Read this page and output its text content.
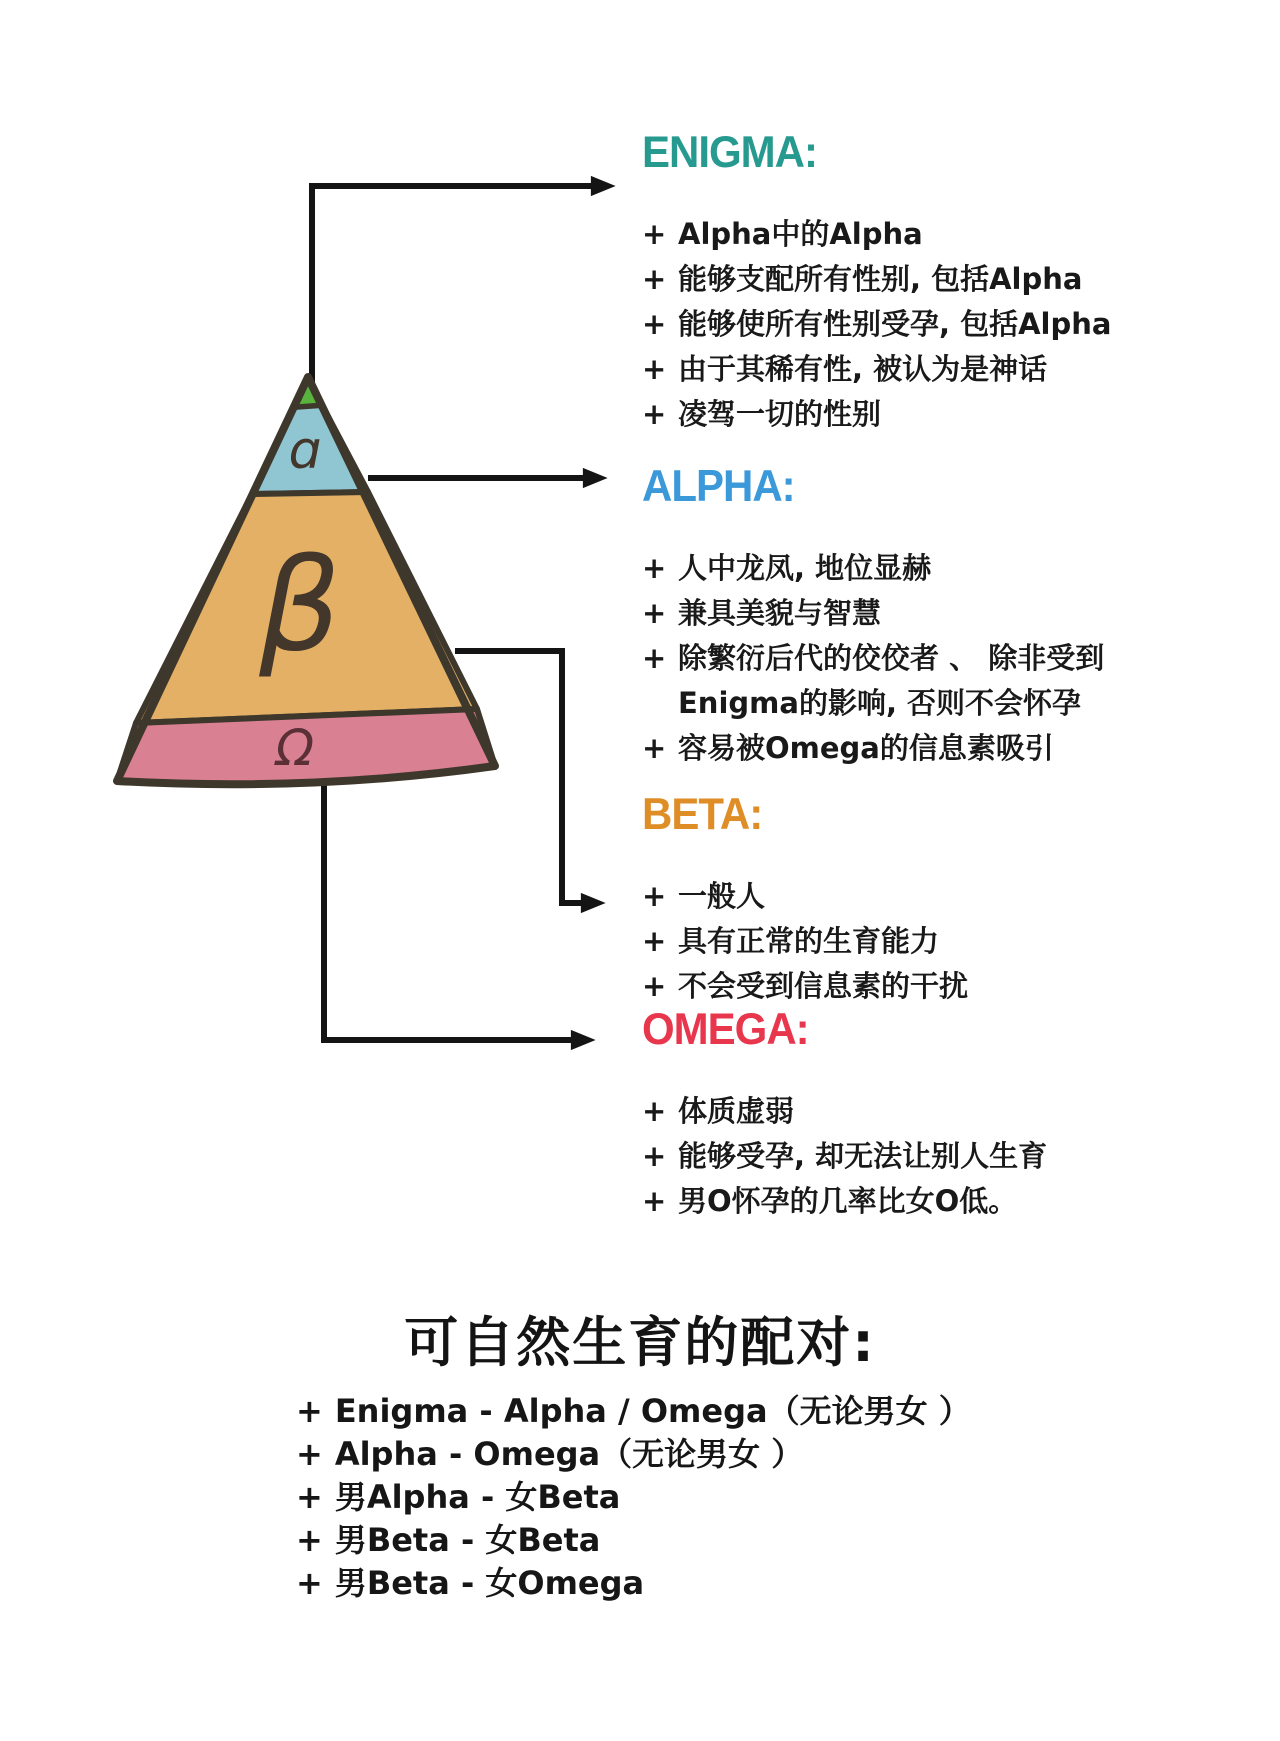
ɑ
β
Ω
ENIGMA:
+ Alpha中的Alpha
+ 能够支配所有性别, 包括Alpha
+ 能够使所有性别受孕, 包括Alpha
+ 由于其稀有性, 被认为是神话
+ 凌驾一切的性别
ALPHA:
+ 人中龙凤, 地位显赫
+ 兼具美貌与智慧
+ 除繁衍后代的佼佼者 、 除非受到Enigma的影响, 否则不会怀孕
+ 容易被Omega的信息素吸引
BETA:
+ 一般人
+ 具有正常的生育能力
+ 不会受到信息素的干扰
OMEGA:
+ 体质虚弱
+ 能够受孕, 却无法让别人生育
+ 男O怀孕的几率比女O低。
可自然生育的配对:
+ Enigma - Alpha / Omega（无论男女 ）
+ Alpha - Omega（无论男女 ）
+ 男Alpha - 女Beta
+ 男Beta - 女Beta
+ 男Beta - 女Omega
